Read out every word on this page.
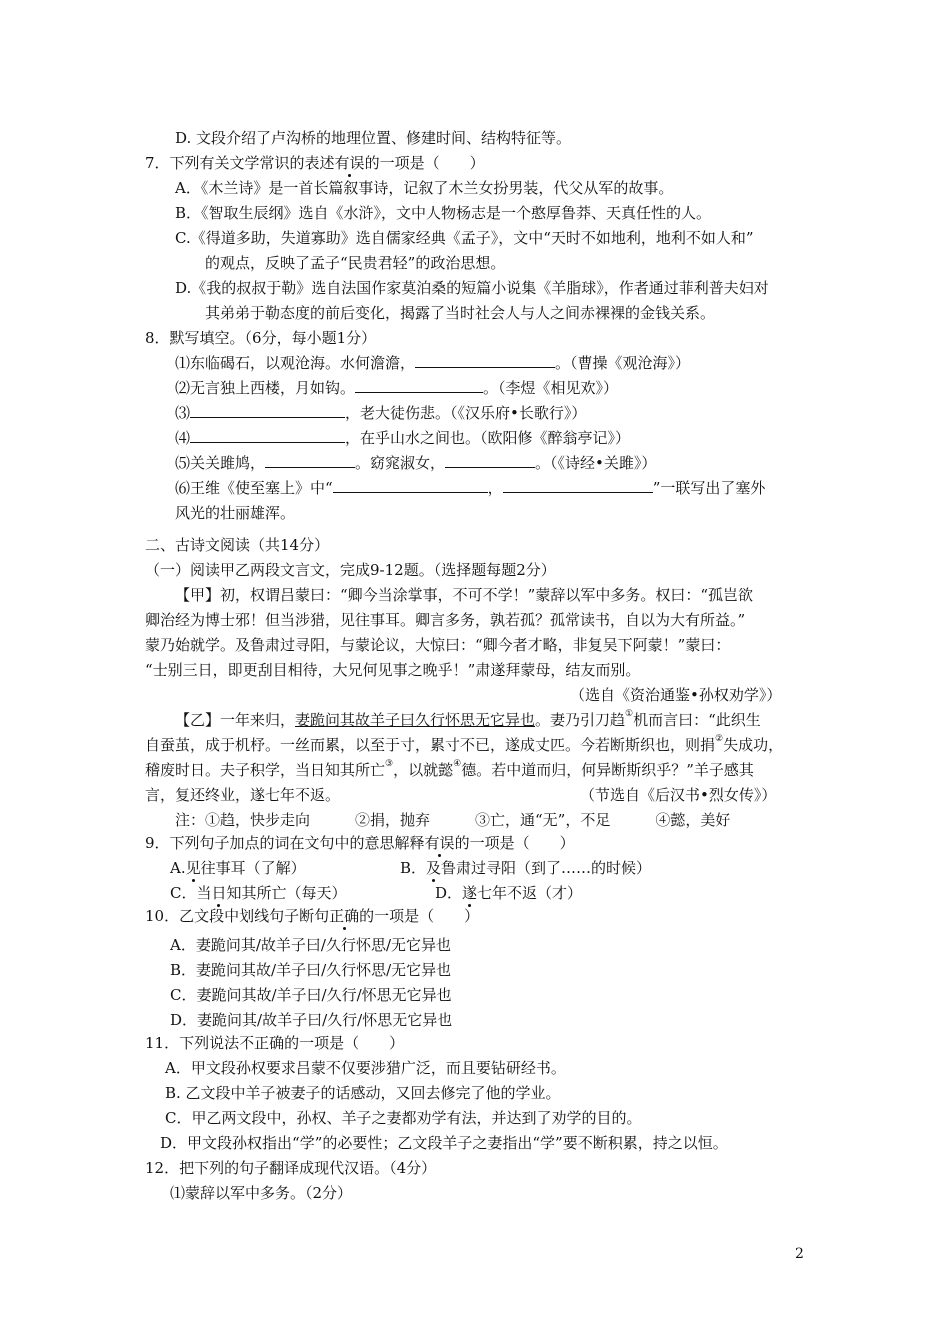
D. 文段介绍了卢沟桥的地理位置、修建时间、结构特征等。
7．下列有关文学常识的表述有误的一项是（　　）
A．《木兰诗》是一首长篇叙事诗，记叙了木兰女扮男装，代父从军的故事。
B．《智取生辰纲》选自《水浒》，文中人物杨志是一个憨厚鲁莽、天真任性的人。
C.《得道多助，失道寡助》选自儒家经典《孟子》，文中“天时不如地利，地利不如人和”
的观点，反映了孟子“民贵君轻”的政治思想。
D.《我的叔叔于勒》选自法国作家莫泊桑的短篇小说集《羊脂球》，作者通过菲利普夫妇对
其弟弟于勒态度的前后变化，揭露了当时社会人与人之间赤裸裸的金钱关系。
8．默写填空。（6分，每小题1分）
⑴东临碣石，以观沧海。水何澹澹，	。（曹操《观沧海》）
⑵无言独上西楼，月如钩。	。（李煜《相见欢》）
⑶	，老大徒伤悲。（《汉乐府•长歌行》）
⑷	，在乎山水之间也。（欧阳修《醉翁亭记》）
⑸关关雎鸠，	。窈窕淑女，	。（《诗经•关雎》）
⑹王维《使至塞上》中“	，	”一联写出了塞外
风光的壮丽雄浑。
二、古诗文阅读（共14分）
（一）阅读甲乙两段文言文，完成9-12题。（选择题每题2分）
【甲】初，权谓吕蒙曰：“卿今当涂掌事，不可不学！”蒙辞以军中多务。权曰：“孤岂欲
卿治经为博士邪！但当涉猎，见往事耳。卿言多务，孰若孤？孤常读书，自以为大有所益。”
蒙乃始就学。及鲁肃过寻阳，与蒙论议，大惊曰：“卿今者才略，非复吴下阿蒙！”蒙曰：
“士别三日，即更刮目相待，大兄何见事之晚乎！”肃遂拜蒙母，结友而别。
（选自《资治通鉴•孙权劝学》）
【乙】一年来归，妻跪问其故羊子曰久行怀思无它异也。妻乃引刀趋①机而言曰：“此织生
自蚕茧，成于机杼。一丝而累，以至于寸，累寸不已，遂成丈匹。今若断斯织也，则捐②失成功，
稽废时日。夫子积学，当日知其所亡③，以就懿④德。若中道而归，何异断斯织乎？”羊子感其
言，复还终业，遂七年不返。	（节选自《后汉书•烈女传》）
注：①趋，快步走向　　　②捐，抛弃　　　③亡，通“无”，不足　　　④懿，美好
9．下列句子加点的词在文句中的意思解释有误的一项是（　　）
A.见往事耳（了解）	B．及鲁肃过寻阳（到了……的时候）
C．当日知其所亡（每天）	D．遂七年不返（才）
10．乙文段中划线句子断句正确的一项是（　　）
A．妻跪问其/故羊子曰/久行怀思/无它异也
B．妻跪问其故/羊子曰/久行怀思/无它异也
C．妻跪问其故/羊子曰/久行/怀思无它异也
D．妻跪问其/故羊子曰/久行/怀思无它异也
11．下列说法不正确的一项是（　　）
A．甲文段孙权要求吕蒙不仅要涉猎广泛，而且要钻研经书。
B. 乙文段中羊子被妻子的话感动，又回去修完了他的学业。
C．甲乙两文段中，孙权、羊子之妻都劝学有法，并达到了劝学的目的。
D．甲文段孙权指出“学”的必要性；乙文段羊子之妻指出“学”要不断积累，持之以恒。
12．把下列的句子翻译成现代汉语。（4分）
⑴蒙辞以军中多务。（2分）
2
